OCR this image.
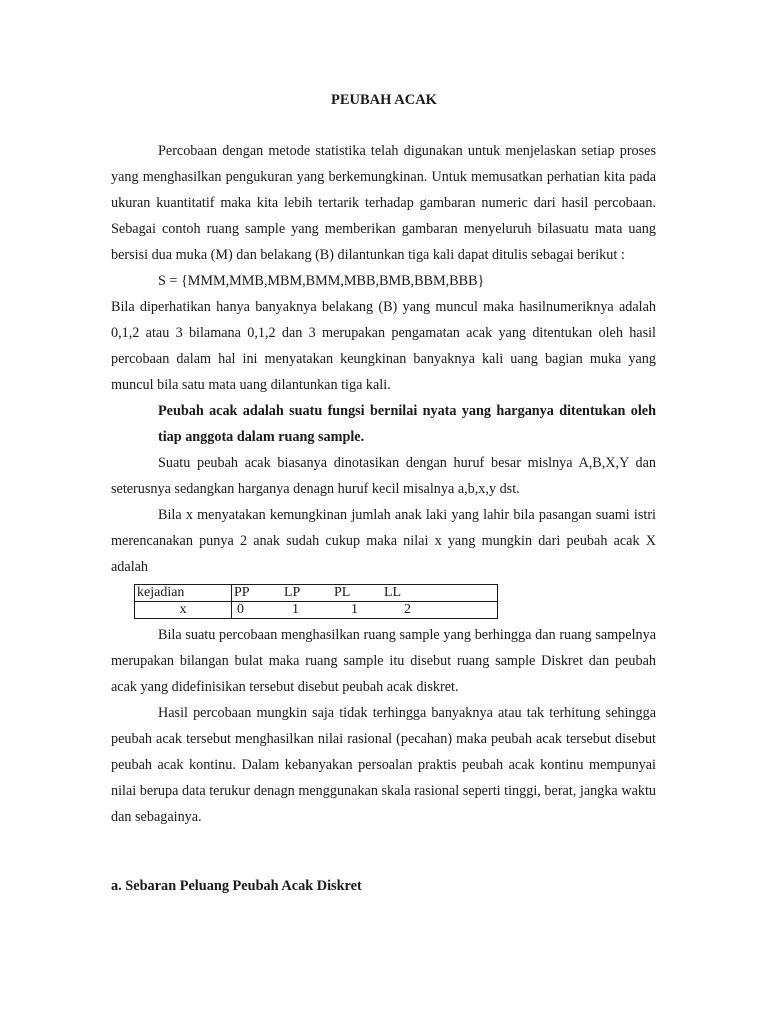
PEUBAH ACAK

Percobaan dengan metode statistika telah digunakan untuk menjelaskan setiap proses yang menghasilkan pengukuran yang berkemungkinan. Untuk memusatkan perhatian kita pada ukuran kuantitatif maka kita lebih tertarik terhadap gambaran numeric dari hasil percobaan. Sebagai contoh ruang sample yang memberikan gambaran menyeluruh bilasuatu mata uang bersisi dua muka (M) dan belakang (B) dilantunkan tiga kali dapat ditulis sebagai berikut :

S = {MMM,MMB,MBM,BMM,MBB,BMB,BBM,BBB}

Bila diperhatikan hanya banyaknya belakang (B) yang muncul maka hasilnumeriknya adalah 0,1,2 atau 3 bilamana 0,1,2 dan 3 merupakan pengamatan acak yang ditentukan oleh hasil percobaan dalam hal ini menyatakan keungkinan banyaknya kali uang bagian muka yang muncul bila satu mata uang dilantunkan tiga kali.

Peubah acak adalah suatu fungsi bernilai nyata yang harganya ditentukan oleh tiap anggota dalam ruang sample.

Suatu peubah acak biasanya dinotasikan dengan huruf besar mislnya A,B,X,Y dan seterusnya sedangkan harganya denagn huruf kecil misalnya a,b,x,y dst.

Bila x menyatakan kemungkinan jumlah anak laki yang lahir bila pasangan suami istri merencanakan punya 2 anak sudah cukup maka nilai x yang mungkin dari peubah acak X adalah

kejadian	PP LP PL LL

x	0 1 1 2

Bila suatu percobaan menghasilkan ruang sample yang berhingga dan ruang sampelnya merupakan bilangan bulat maka ruang sample itu disebut ruang sample Diskret dan peubah acak yang didefinisikan tersebut disebut peubah acak diskret.

Hasil percobaan mungkin saja tidak terhingga banyaknya atau tak terhitung sehingga peubah acak tersebut menghasilkan nilai rasional (pecahan) maka peubah acak tersebut disebut peubah acak kontinu. Dalam kebanyakan persoalan praktis peubah acak kontinu mempunyai nilai berupa data terukur denagn menggunakan skala rasional seperti tinggi, berat, jangka waktu dan sebagainya.

a. Sebaran Peluang Peubah Acak Diskret
